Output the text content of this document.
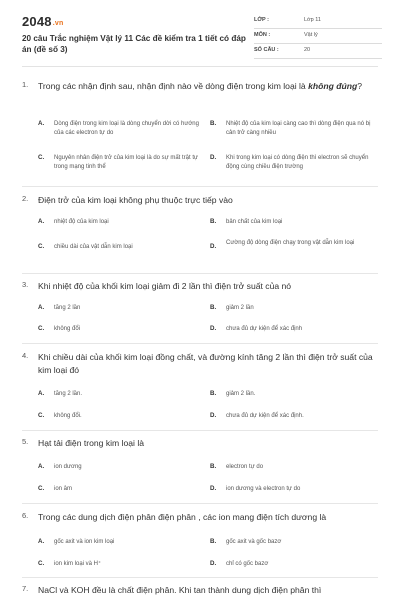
2048.vn
20 câu Trắc nghiệm Vật lý 11 Các đề kiểm tra 1 tiết có đáp án (đề số 3)
LỚP :	Lớp 11
MÔN :	Vật lý
SỐ CÂU :	20
1. Trong các nhận định sau, nhận định nào về dòng điện trong kim loại là không đúng?
A. Dòng điện trong kim loại là dòng chuyển dời có hướng của các electron tự do
B. Nhiệt độ của kim loại càng cao thì dòng điện qua nó bị cản trở càng nhiều
C. Nguyên nhân điện trở của kim loại là do sự mất trật tự trong mạng tinh thể
D. Khi trong kim loại có dòng điện thì electron sẽ chuyển động cùng chiều điện trường
2. Điện trở của kim loại không phụ thuộc trực tiếp vào
A. nhiệt độ của kim loại	B. bản chất của kim loại
C. chiều dài của vật dẫn kim loại	D. Cường độ dòng điện chạy trong vật dẫn kim loại
3. Khi nhiệt độ của khối kim loại giảm đi 2 lần thì điện trở suất của nó
A. tăng 2 lần	B. giảm 2 lần
C. không đổi	D. chưa đủ dự kiện để xác định
4. Khi chiều dài của khối kim loại đồng chất, và đường kính tăng 2 lần thì điện trở suất của kim loại đó
A. tăng 2 lần.	B. giảm 2 lần.
C. không đổi.	D. chưa đủ dự kiện để xác định.
5. Hạt tải điện trong kim loại là
A. ion dương	B. electron tự do
C. ion âm	D. ion dương và electron tự do
6. Trong các dung dịch điện phân điện phân , các ion mang điện tích dương là
A. gốc axit và ion kim loại	B. gốc axit và gốc bazơ
C. ion kim loại và H⁺	D. chỉ có gốc bazơ
7. NaCl và KOH đều là chất điện phân. Khi tan thành dung dịch điện phân thì
